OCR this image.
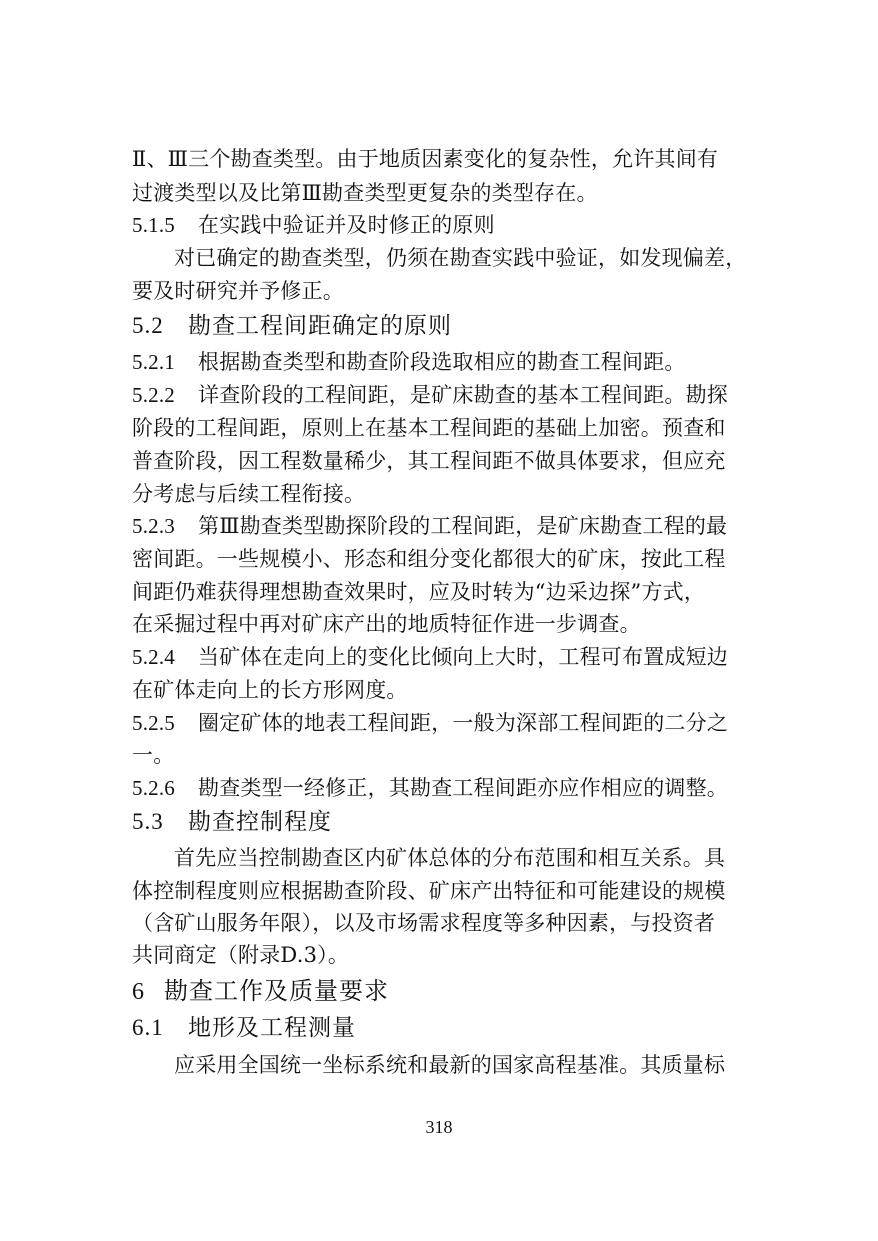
Ⅱ、Ⅲ三个勘查类型。由于地质因素变化的复杂性，允许其间有
过渡类型以及比第Ⅲ勘查类型更复杂的类型存在。
5.1.5 在实践中验证并及时修正的原则
对已确定的勘查类型，仍须在勘查实践中验证，如发现偏差，
要及时研究并予修正。
5.2 勘查工程间距确定的原则
5.2.1 根据勘查类型和勘查阶段选取相应的勘查工程间距。
5.2.2 详查阶段的工程间距，是矿床勘查的基本工程间距。勘探
阶段的工程间距，原则上在基本工程间距的基础上加密。预查和
普查阶段，因工程数量稀少，其工程间距不做具体要求，但应充
分考虑与后续工程衔接。
5.2.3 第Ⅲ勘查类型勘探阶段的工程间距，是矿床勘查工程的最
密间距。一些规模小、形态和组分变化都很大的矿床，按此工程
间距仍难获得理想勘查效果时，应及时转为“边采边探”方式，
在采掘过程中再对矿床产出的地质特征作进一步调查。
5.2.4 当矿体在走向上的变化比倾向上大时，工程可布置成短边
在矿体走向上的长方形网度。
5.2.5 圈定矿体的地表工程间距，一般为深部工程间距的二分之
一。
5.2.6 勘查类型一经修正，其勘查工程间距亦应作相应的调整。
5.3 勘查控制程度
首先应当控制勘查区内矿体总体的分布范围和相互关系。具
体控制程度则应根据勘查阶段、矿床产出特征和可能建设的规模
（含矿山服务年限），以及市场需求程度等多种因素，与投资者
共同商定（附录D.3）。
6 勘查工作及质量要求
6.1 地形及工程测量
应采用全国统一坐标系统和最新的国家高程基准。其质量标
318
